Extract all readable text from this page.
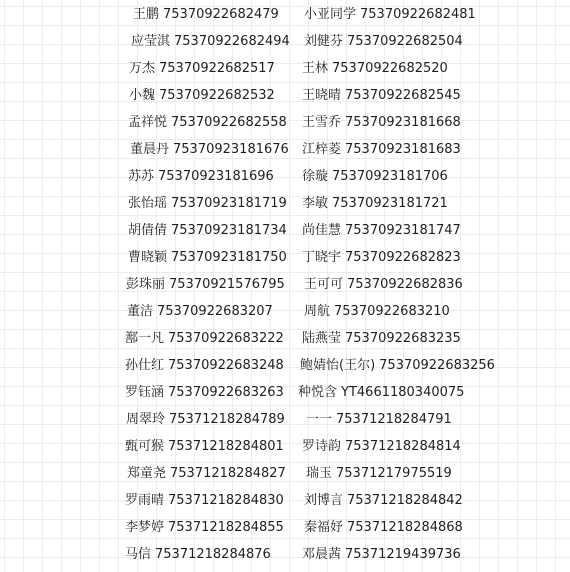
王鹏 75370922682479 小亚同学 75370922682481
应莹淇 75370922682494 刘健芬 75370922682504
万杰 75370922682517 王林 75370922682520
小魏 75370922682532 王晓晴 75370922682545
孟祥悦 75370922682558 王雪乔 75370923181668
董晨丹 75370923181676 江梓菱 75370923181683
苏苏 75370923181696 徐璇 75370923181706
张怡瑶 75370923181719 李敏 75370923181721
胡倩倩 75370923181734 尚佳慧 75370923181747
曹晓颖 75370923181750 丁晓宇 75370922682823
彭珠丽 75370921576795 王可可 75370922682836
董洁 75370922683207 周航 75370922683210
鄯一凡 75370922683222 陆燕莹 75370922683235
孙仕红 75370922683248 鲍婧怡(王尔) 75370922683256
罗钰涵 75370922683263 种悦含 YT4661180340075
周翠玲 75371218284789 一一 75371218284791
甄可猴 75371218284801 罗诗韵 75371218284814
郑童尧 75371218284827 瑞玉 75371217975519
罗雨晴 75371218284830 刘博言 75371218284842
李梦婷 75371218284855 秦福妤 75371218284868
马信 75371218284876 邓晨茜 75371219439736
